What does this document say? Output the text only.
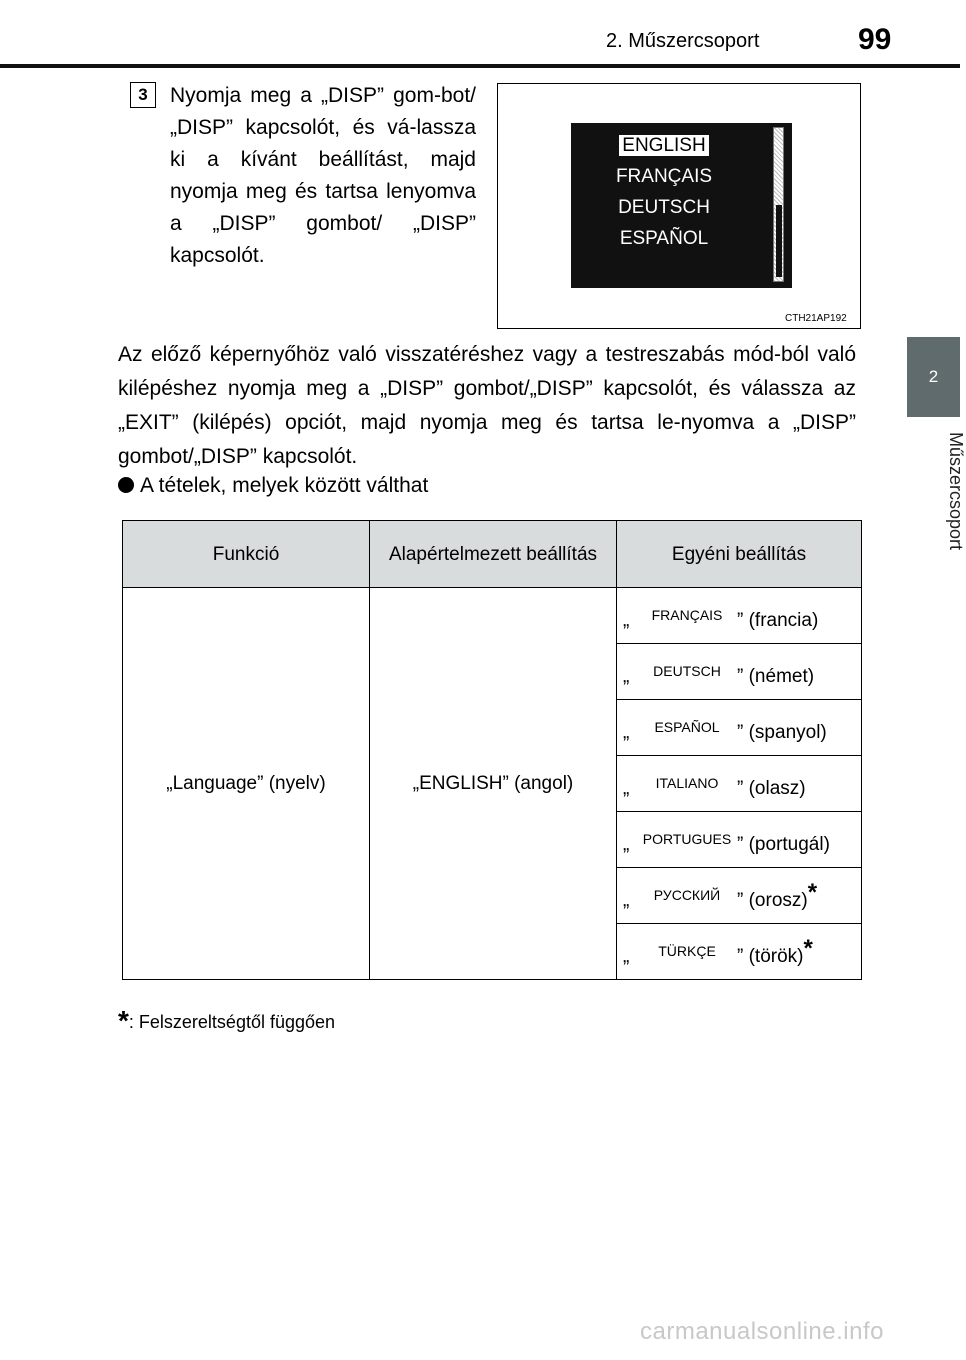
2. Műszercsoport	99
2
Műszercsoport
3	Nyomja meg a „DISP” gom-bot/„DISP” kapcsolót, és vá-lassza ki a kívánt beállítást, majd nyomja meg és tartsa lenyomva a „DISP” gombot/ „DISP” kapcsolót.
ENGLISH
FRANÇAIS
DEUTSCH
ESPAÑOL
CTH21AP192
Az előző képernyőhöz való visszatéréshez vagy a testreszabás mód-ból való kilépéshez nyomja meg a „DISP” gombot/„DISP” kapcsolót, és válassza az „EXIT” (kilépés) opciót, majd nyomja meg és tartsa le-nyomva a „DISP” gombot/„DISP” kapcsolót.
A tételek, melyek között válthat
Funkció	Alapértelmezett beállítás	Egyéni beállítás
„Language” (nyelv)	„ENGLISH” (angol)	„ FRANÇAIS ” (francia)
		„ DEUTSCH ” (német)
		„ ESPAÑOL ” (spanyol)
		„ ITALIANO ” (olasz)
		„ PORTUGUES ” (portugál)
		„ РУССКИЙ ” (orosz)*
		„ TÜRKÇE ” (török)*
*: Felszereltségtől függően
carmanualsonline.info
